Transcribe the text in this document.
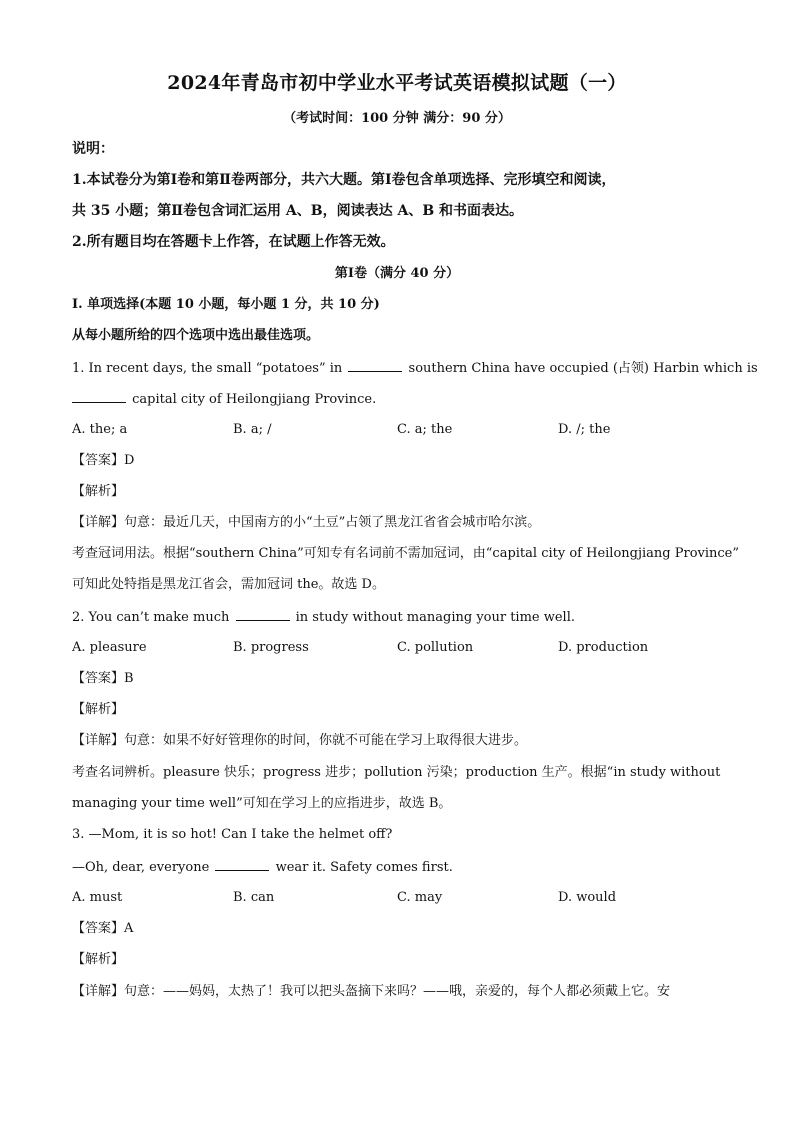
2024年青岛市初中学业水平考试英语模拟试题（一）
（考试时间：100 分钟 满分：90 分）
说明：
1.本试卷分为第Ⅰ卷和第Ⅱ卷两部分，共六大题。第Ⅰ卷包含单项选择、完形填空和阅读，
共 35 小题；第Ⅱ卷包含词汇运用 A、B，阅读表达 A、B 和书面表达。
2.所有题目均在答题卡上作答，在试题上作答无效。
第Ⅰ卷（满分 40 分）
I. 单项选择(本题 10 小题，每小题 1 分，共 10 分)
从每小题所给的四个选项中选出最佳选项。
1. In recent days, the small “potatoes” in	southern China have occupied (占领) Harbin which is
capital city of Heilongjiang Province.
A. the; a	B. a; /	C. a; the	D. /; the
【答案】D
【解析】
【详解】句意：最近几天，中国南方的小“土豆”占领了黑龙江省省会城市哈尔滨。
考查冠词用法。根据“southern China”可知专有名词前不需加冠词，由“capital city of Heilongjiang Province”
可知此处特指是黑龙江省会，需加冠词 the。故选 D。
2. You can’t make much	in study without managing your time well.
A. pleasure	B. progress	C. pollution	D. production
【答案】B
【解析】
【详解】句意：如果不好好管理你的时间，你就不可能在学习上取得很大进步。
考查名词辨析。pleasure 快乐；progress 进步；pollution 污染；production 生产。根据“in study without
managing your time well”可知在学习上的应指进步，故选 B。
3. —Mom, it is so hot! Can I take the helmet off?
—Oh, dear, everyone	wear it. Safety comes first.
A. must	B. can	C. may	D. would
【答案】A
【解析】
【详解】句意：——妈妈，太热了！我可以把头盔摘下来吗？——哦，亲爱的，每个人都必须戴上它。安
